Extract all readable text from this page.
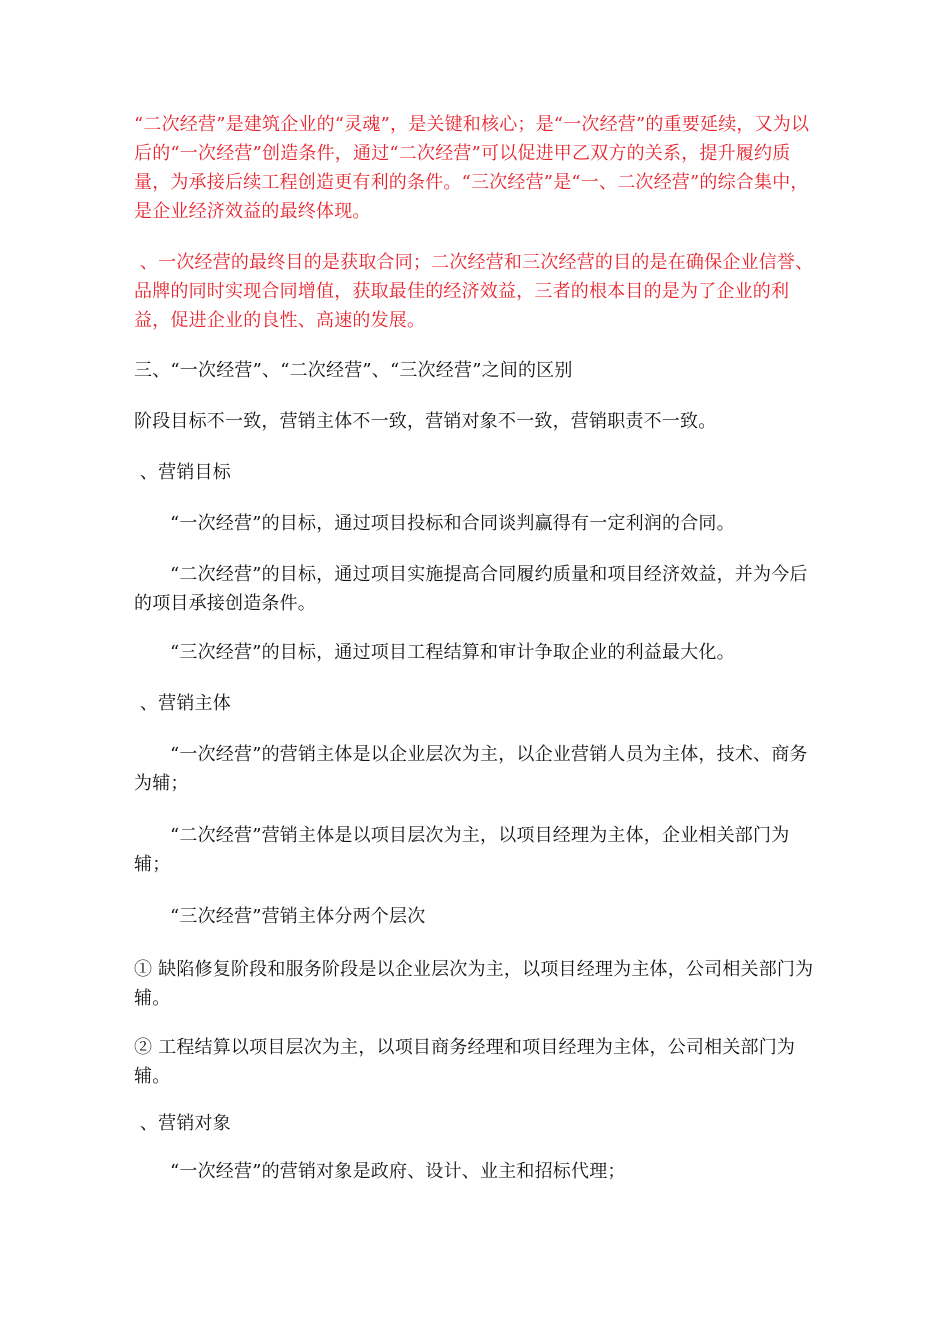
“二次经营”是建筑企业的“灵魂”，是关键和核心；是“一次经营”的重要延续，又为以后的“一次经营”创造条件，通过“二次经营”可以促进甲乙双方的关系，提升履约质量，为承接后续工程创造更有利的条件。“三次经营”是“一、二次经营”的综合集中，是企业经济效益的最终体现。

、一次经营的最终目的是获取合同；二次经营和三次经营的目的是在确保企业信誉、品牌的同时实现合同增值，获取最佳的经济效益，三者的根本目的是为了企业的利益，促进企业的良性、高速的发展。

三、“一次经营”、“二次经营”、“三次经营”之间的区别

阶段目标不一致，营销主体不一致，营销对象不一致，营销职责不一致。

、营销目标

“一次经营”的目标，通过项目投标和合同谈判赢得有一定利润的合同。

“二次经营”的目标，通过项目实施提高合同履约质量和项目经济效益，并为今后的项目承接创造条件。

“三次经营”的目标，通过项目工程结算和审计争取企业的利益最大化。

、营销主体

“一次经营”的营销主体是以企业层次为主，以企业营销人员为主体，技术、商务为辅；

“二次经营”营销主体是以项目层次为主，以项目经理为主体，企业相关部门为辅；

“三次经营”营销主体分两个层次

① 缺陷修复阶段和服务阶段是以企业层次为主，以项目经理为主体，公司相关部门为辅。

② 工程结算以项目层次为主，以项目商务经理和项目经理为主体，公司相关部门为辅。

、营销对象

“一次经营”的营销对象是政府、设计、业主和招标代理；
